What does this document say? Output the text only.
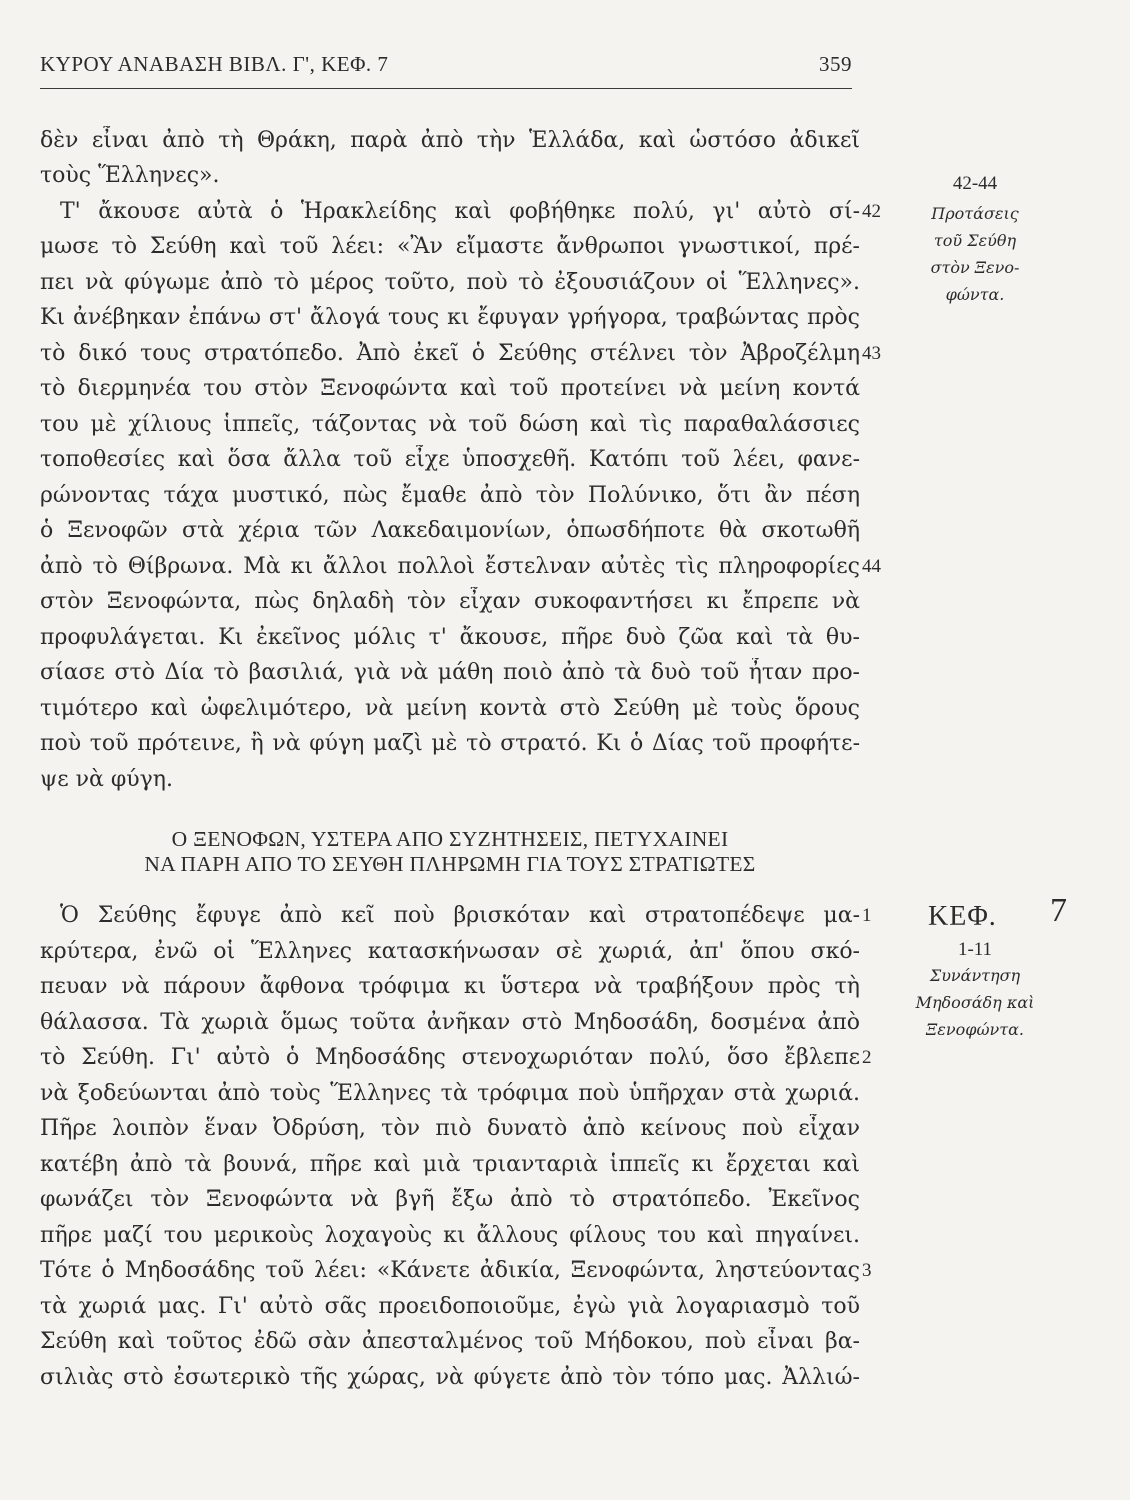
ΚΥΡΟΥ ΑΝΑΒΑΣΗ ΒΙΒΛ. Γ', ΚΕΦ. 7	359
δὲν εἶναι ἀπὸ τὴ Θράκη, παρὰ ἀπὸ τὴν Ἑλλάδα, καὶ ὡστόσο ἀδικεῖ
τοὺς Ἕλληνες».
Τ' ἄκουσε αὐτὰ ὁ Ἡρακλείδης καὶ φοβήθηκε πολύ, γι' αὐτὸ σί-
μωσε τὸ Σεύθη καὶ τοῦ λέει: «Ἂν εἴμαστε ἄνθρωποι γνωστικοί, πρέ-
πει νὰ φύγωμε ἀπὸ τὸ μέρος τοῦτο, ποὺ τὸ ἐξουσιάζουν οἱ Ἕλληνες».
Κι ἀνέβηκαν ἐπάνω στ' ἄλογά τους κι ἔφυγαν γρήγορα, τραβώντας πρὸς
τὸ δικό τους στρατόπεδο. Ἀπὸ ἐκεῖ ὁ Σεύθης στέλνει τὸν Ἀβροζέλμη
τὸ διερμηνέα του στὸν Ξενοφώντα καὶ τοῦ προτείνει νὰ μείνη κοντά
του μὲ χίλιους ἱππεῖς, τάζοντας νὰ τοῦ δώση καὶ τὶς παραθαλάσσιες
τοποθεσίες καὶ ὅσα ἄλλα τοῦ εἶχε ὑποσχεθῆ. Κατόπι τοῦ λέει, φανε-
ρώνοντας τάχα μυστικό, πὼς ἔμαθε ἀπὸ τὸν Πολύνικο, ὅτι ἂν πέση
ὁ Ξενοφῶν στὰ χέρια τῶν Λακεδαιμονίων, ὁπωσδήποτε θὰ σκοτωθῆ
ἀπὸ τὸ Θίβρωνα. Μὰ κι ἄλλοι πολλοὶ ἔστελναν αὐτὲς τὶς πληροφορίες
στὸν Ξενοφώντα, πὼς δηλαδὴ τὸν εἶχαν συκοφαντήσει κι ἔπρεπε νὰ
προφυλάγεται. Κι ἐκεῖνος μόλις τ' ἄκουσε, πῆρε δυὸ ζῶα καὶ τὰ θυ-
σίασε στὸ Δία τὸ βασιλιά, γιὰ νὰ μάθη ποιὸ ἀπὸ τὰ δυὸ τοῦ ἦταν προ-
τιμότερο καὶ ὠφελιμότερο, νὰ μείνη κοντὰ στὸ Σεύθη μὲ τοὺς ὅρους
ποὺ τοῦ πρότεινε, ἢ νὰ φύγη μαζὶ μὲ τὸ στρατό. Κι ὁ Δίας τοῦ προφήτε-
ψε νὰ φύγη.
Ο ΞΕΝΟΦΩΝ, ΥΣΤΕΡΑ ΑΠΟ ΣΥΖΗΤΗΣΕΙΣ, ΠΕΤΥΧΑΙΝΕΙ
ΝΑ ΠΑΡΗ ΑΠΟ ΤΟ ΣΕΥΘΗ ΠΛΗΡΩΜΗ ΓΙΑ ΤΟΥΣ ΣΤΡΑΤΙΩΤΕΣ
Ὁ Σεύθης ἔφυγε ἀπὸ κεῖ ποὺ βρισκόταν καὶ στρατοπέδεψε μα-
κρύτερα, ἐνῶ οἱ Ἕλληνες κατασκήνωσαν σὲ χωριά, ἀπ' ὅπου σκό-
πευαν νὰ πάρουν ἄφθονα τρόφιμα κι ὕστερα νὰ τραβήξουν πρὸς τὴ
θάλασσα. Τὰ χωριὰ ὅμως τοῦτα ἀνῆκαν στὸ Μηδοσάδη, δοσμένα ἀπὸ
τὸ Σεύθη. Γι' αὐτὸ ὁ Μηδοσάδης στενοχωριόταν πολύ, ὅσο ἔβλεπε
νὰ ξοδεύωνται ἀπὸ τοὺς Ἕλληνες τὰ τρόφιμα ποὺ ὑπῆρχαν στὰ χωριά.
Πῆρε λοιπὸν ἕναν Ὀδρύση, τὸν πιὸ δυνατὸ ἀπὸ κείνους ποὺ εἶχαν
κατέβη ἀπὸ τὰ βουνά, πῆρε καὶ μιὰ τριανταριὰ ἱππεῖς κι ἔρχεται καὶ
φωνάζει τὸν Ξενοφώντα νὰ βγῆ ἔξω ἀπὸ τὸ στρατόπεδο. Ἐκεῖνος
πῆρε μαζί του μερικοὺς λοχαγοὺς κι ἄλλους φίλους του καὶ πηγαίνει.
Τότε ὁ Μηδοσάδης τοῦ λέει: «Κάνετε ἀδικία, Ξενοφώντα, ληστεύοντας
τὰ χωριά μας. Γι' αὐτὸ σᾶς προειδοποιοῦμε, ἐγὼ γιὰ λογαριασμὸ τοῦ
Σεύθη καὶ τοῦτος ἐδῶ σὰν ἀπεσταλμένος τοῦ Μήδοκου, ποὺ εἶναι βα-
σιλιὰς στὸ ἐσωτερικὸ τῆς χώρας, νὰ φύγετε ἀπὸ τὸν τόπο μας. Ἀλλιώ-
42
43
44
1
2
3
42-44
Προτάσεις
τοῦ Σεύθη
στὸν Ξενο-
φώντα.
ΚΕΦ. 7
1-11
Συνάντηση
Μηδοσάδη καὶ
Ξενοφώντα.
